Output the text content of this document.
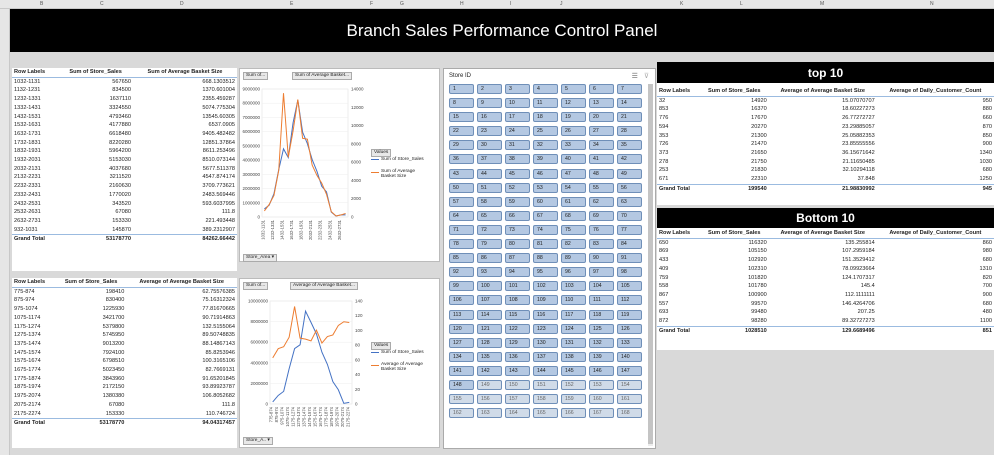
B	C	D	E	F	G	H	I	J	K	L	M	N
Branch Sales Performance Control Panel
Row Labels	Sum of Store_Sales	Sum of Average Basket Size
1032-1131	567650	668.1303512
1132-1231	834500	1370.601004
1232-1331	1637110	2355.459287
1332-1431	3324550	5074.775304
1432-1531	4793460	13545.60305
1532-1631	4177880	6537.0905
1632-1731	6618480	9405.482482
1732-1831	8220280	12851.37864
1832-1931	5964200	8611.253496
1932-2031	5153030	8510.073144
2032-2131	4037680	5677.511378
2132-2231	3211520	4547.874174
2232-2331	2160630	3709.773621
2332-2431	1770020	2483.569446
2432-2531	343520	593.6037995
2532-2631	67080	111.8
2632-2731	153330	221.493448
932-1031	145870	389.2312907
Grand Total	53178770	84262.66442
Row Labels	Sum of Store_Sales	Average of Average Basket Size
775-874	198410	62.75576385
875-974	830400	75.16312324
975-1074	1225930	77.81670665
1075-1174	3421700	90.71914863
1175-1274	5379800	132.5155064
1275-1374	5745950	89.50748835
1375-1474	9013200	88.14867143
1475-1574	7924100	85.8253946
1575-1674	6798510	100.3165106
1675-1774	5023450	82.7669131
1775-1874	3843960	91.65201845
1875-1974	2172150	93.89923787
1975-2074	1380380	106.8052682
2075-2174	67080	111.8
2175-2274	153330	110.746724
Grand Total	53178770	94.04317457
Sum of...	Sum of Average Basket...
0
1000000
2000000
3000000
4000000
5000000
6000000
7000000
8000000
9000000
0
2000
4000
6000
8000
10000
12000
14000
1032-1131 1232-1331 1432-1531 1632-1731 1832-1931 2032-2131 2232-2331 2432-2531 2632-2731
Values
Sum of Store_Sales
Sum of Average Basket Size
Store_Area ▾
Sum of...	Average of Average Basket...
0
2000000
4000000
6000000
8000000
10000000
0
20
40
60
80
100
120
140
775-874 875-974 975-1074 1075-1174 1175-1274 1275-1374 1375-1474 1475-1574 1575-1674 1675-1774 1775-1874 1875-1974 1975-2074 2075-2174 2175-2274
Values
Sum of Store_Sales
Average of Average Basket Size
Store_A.. ▾
Store ID	☰ ⊽
1	2	3	4	5	6	7
8	9	10	11	12	13	14
15	16	17	18	19	20	21
22	23	24	25	26	27	28
29	30	31	32	33	34	35
36	37	38	39	40	41	42
43	44	45	46	47	48	49
50	51	52	53	54	55	56
57	58	59	60	61	62	63
64	65	66	67	68	69	70
71	72	73	74	75	76	77
78	79	80	81	82	83	84
85	86	87	88	89	90	91
92	93	94	95	96	97	98
99	100	101	102	103	104	105
106	107	108	109	110	111	112
113	114	115	116	117	118	119
120	121	122	123	124	125	126
127	128	129	130	131	132	133
134	135	136	137	138	139	140
141	142	143	144	145	146	147
148	149	150	151	152	153	154
155	156	157	158	159	160	161
162	163	164	165	166	167	168
top 10
Row Labels	Sum of Store_Sales	Average of Average Basket Size	Average of Daily_Customer_Count
32	14920	15.07070707	950
853	16370	18.60227273	880
776	17670	26.77272727	660
594	20270	23.29885057	870
353	21300	25.05882353	850
726	21470	23.85555556	900
373	21650	36.15671642	1340
278	21750	21.1165048​5	1030
253	21830	32.10294118	680
671	22310	37.848	1250
Grand Total	199540	21.98830992	945
Bottom 10
Row Labels	Sum of Store_Sales	Average of Average Basket Size	Average of Daily_Customer_Count
650	116320	135.255814	860
869	105150	107.2959184	980
433	102920	151.3529412	680
409	102310	78.09923664	1310
759	101820	124.1707317	820
558	101780	145.4	700
867	100900	112.1111111	900
557	99570	146.4264706	680
693	99480	207.25	480
872	98280	89.32727273	1100
Grand Total	1028510	129.6689496	851
